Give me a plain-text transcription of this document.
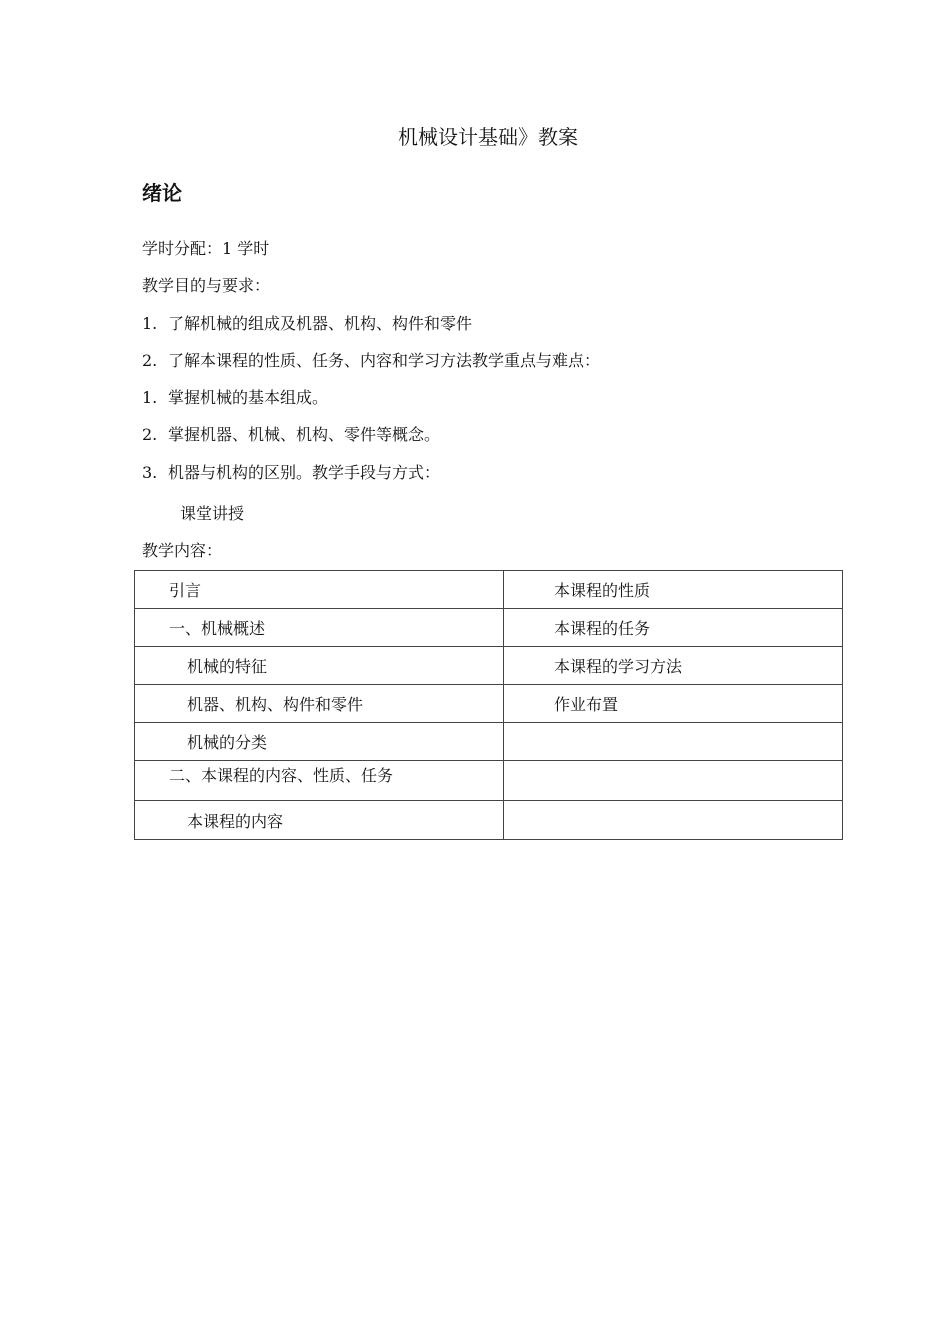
机械设计基础》教案
绪论
学时分配：1 学时
教学目的与要求：
1. 了解机械的组成及机器、机构、构件和零件
2. 了解本课程的性质、任务、内容和学习方法教学重点与难点：
1. 掌握机械的基本组成。
2. 掌握机器、机械、机构、零件等概念。
3. 机器与机构的区别。教学手段与方式：
课堂讲授
教学内容：
引言	本课程的性质
一、机械概述	本课程的任务
机械的特征	本课程的学习方法
机器、机构、构件和零件	作业布置
机械的分类	
二、本课程的内容、性质、任务	
本课程的内容	
